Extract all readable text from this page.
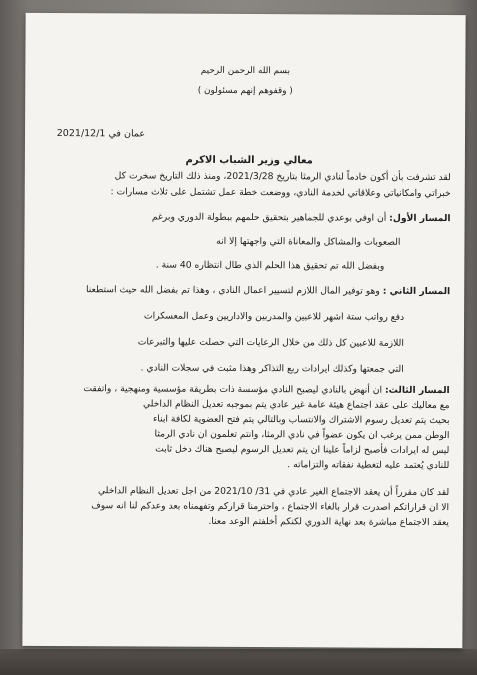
بسم الله الرحمن الرحيم
( وقفوهم إنهم مسئولون )
عمان في 2021/12/1
معالي وزير الشباب الاكرم
لقد تشرفت بأن أكون خادماً لنادي الرمثا بتاريخ 2021/3/28، ومنذ ذلك التاريخ سخرت كل
خبراتي وامكانياتي وعلاقاتي لخدمة النادي، ووضعت خطة عمل تشتمل على ثلاث مسارات :
المسار الأول: أن اوفي بوعدي للجماهير بتحقيق حلمهم ببطولة الدوري وبرغم
الصعوبات والمشاكل والمعاناة التي واجهتها إلا انه
وبفضل الله تم تحقيق هذا الحلم الذي طال انتظاره 40 سنة .
المسار الثاني : وهو توفير المال اللازم لتسيير اعمال النادي ، وهذا تم بفضل الله حيث استطعنا
دفع رواتب ستة اشهر للاعبين والمدربين والاداريين وعمل المعسكرات
اللازمة للاعبين كل ذلك من خلال الرعايات التي حصلت عليها والتبرعات
التي جمعتها وكذلك ايرادات ربع التذاكر وهذا مثبت في سجلات النادي .
المسار الثالث: ان أنهض بالنادي ليصبح النادي مؤسسة ذات بطريقة مؤسسية ومنهجية ، واتفقت
مع معاليك على عقد اجتماع هيئة عامة غير عادي يتم بموجبه تعديل النظام الداخلي
بحيث يتم تعديل رسوم الاشتراك والانتساب وبالتالي يتم فتح العضوية لكافة ابناء
الوطن ممن يرغب ان يكون عضواً في نادي الرمثا، وانتم تعلمون ان نادي الرمثا
ليس له ايرادات فأصبح لزاماً علينا ان يتم تعديل الرسوم ليصبح هناك دخل ثابت
للنادي يُعتمد عليه لتغطية نفقاته والتزاماته .
لقد كان مقرراً أن يعقد الاجتماع الغير عادي في 31/ 2021/10 من اجل تعديل النظام الداخلي
الا ان قراراتكم اصدرت قرار بالغاء الاجتماع ، واحترمنا قراركم وتفهمناه بعد وعدكم لنا انه سوف
يعقد الاجتماع مباشرة بعد نهاية الدوري لكنكم أخلفتم الوعد معنا.
